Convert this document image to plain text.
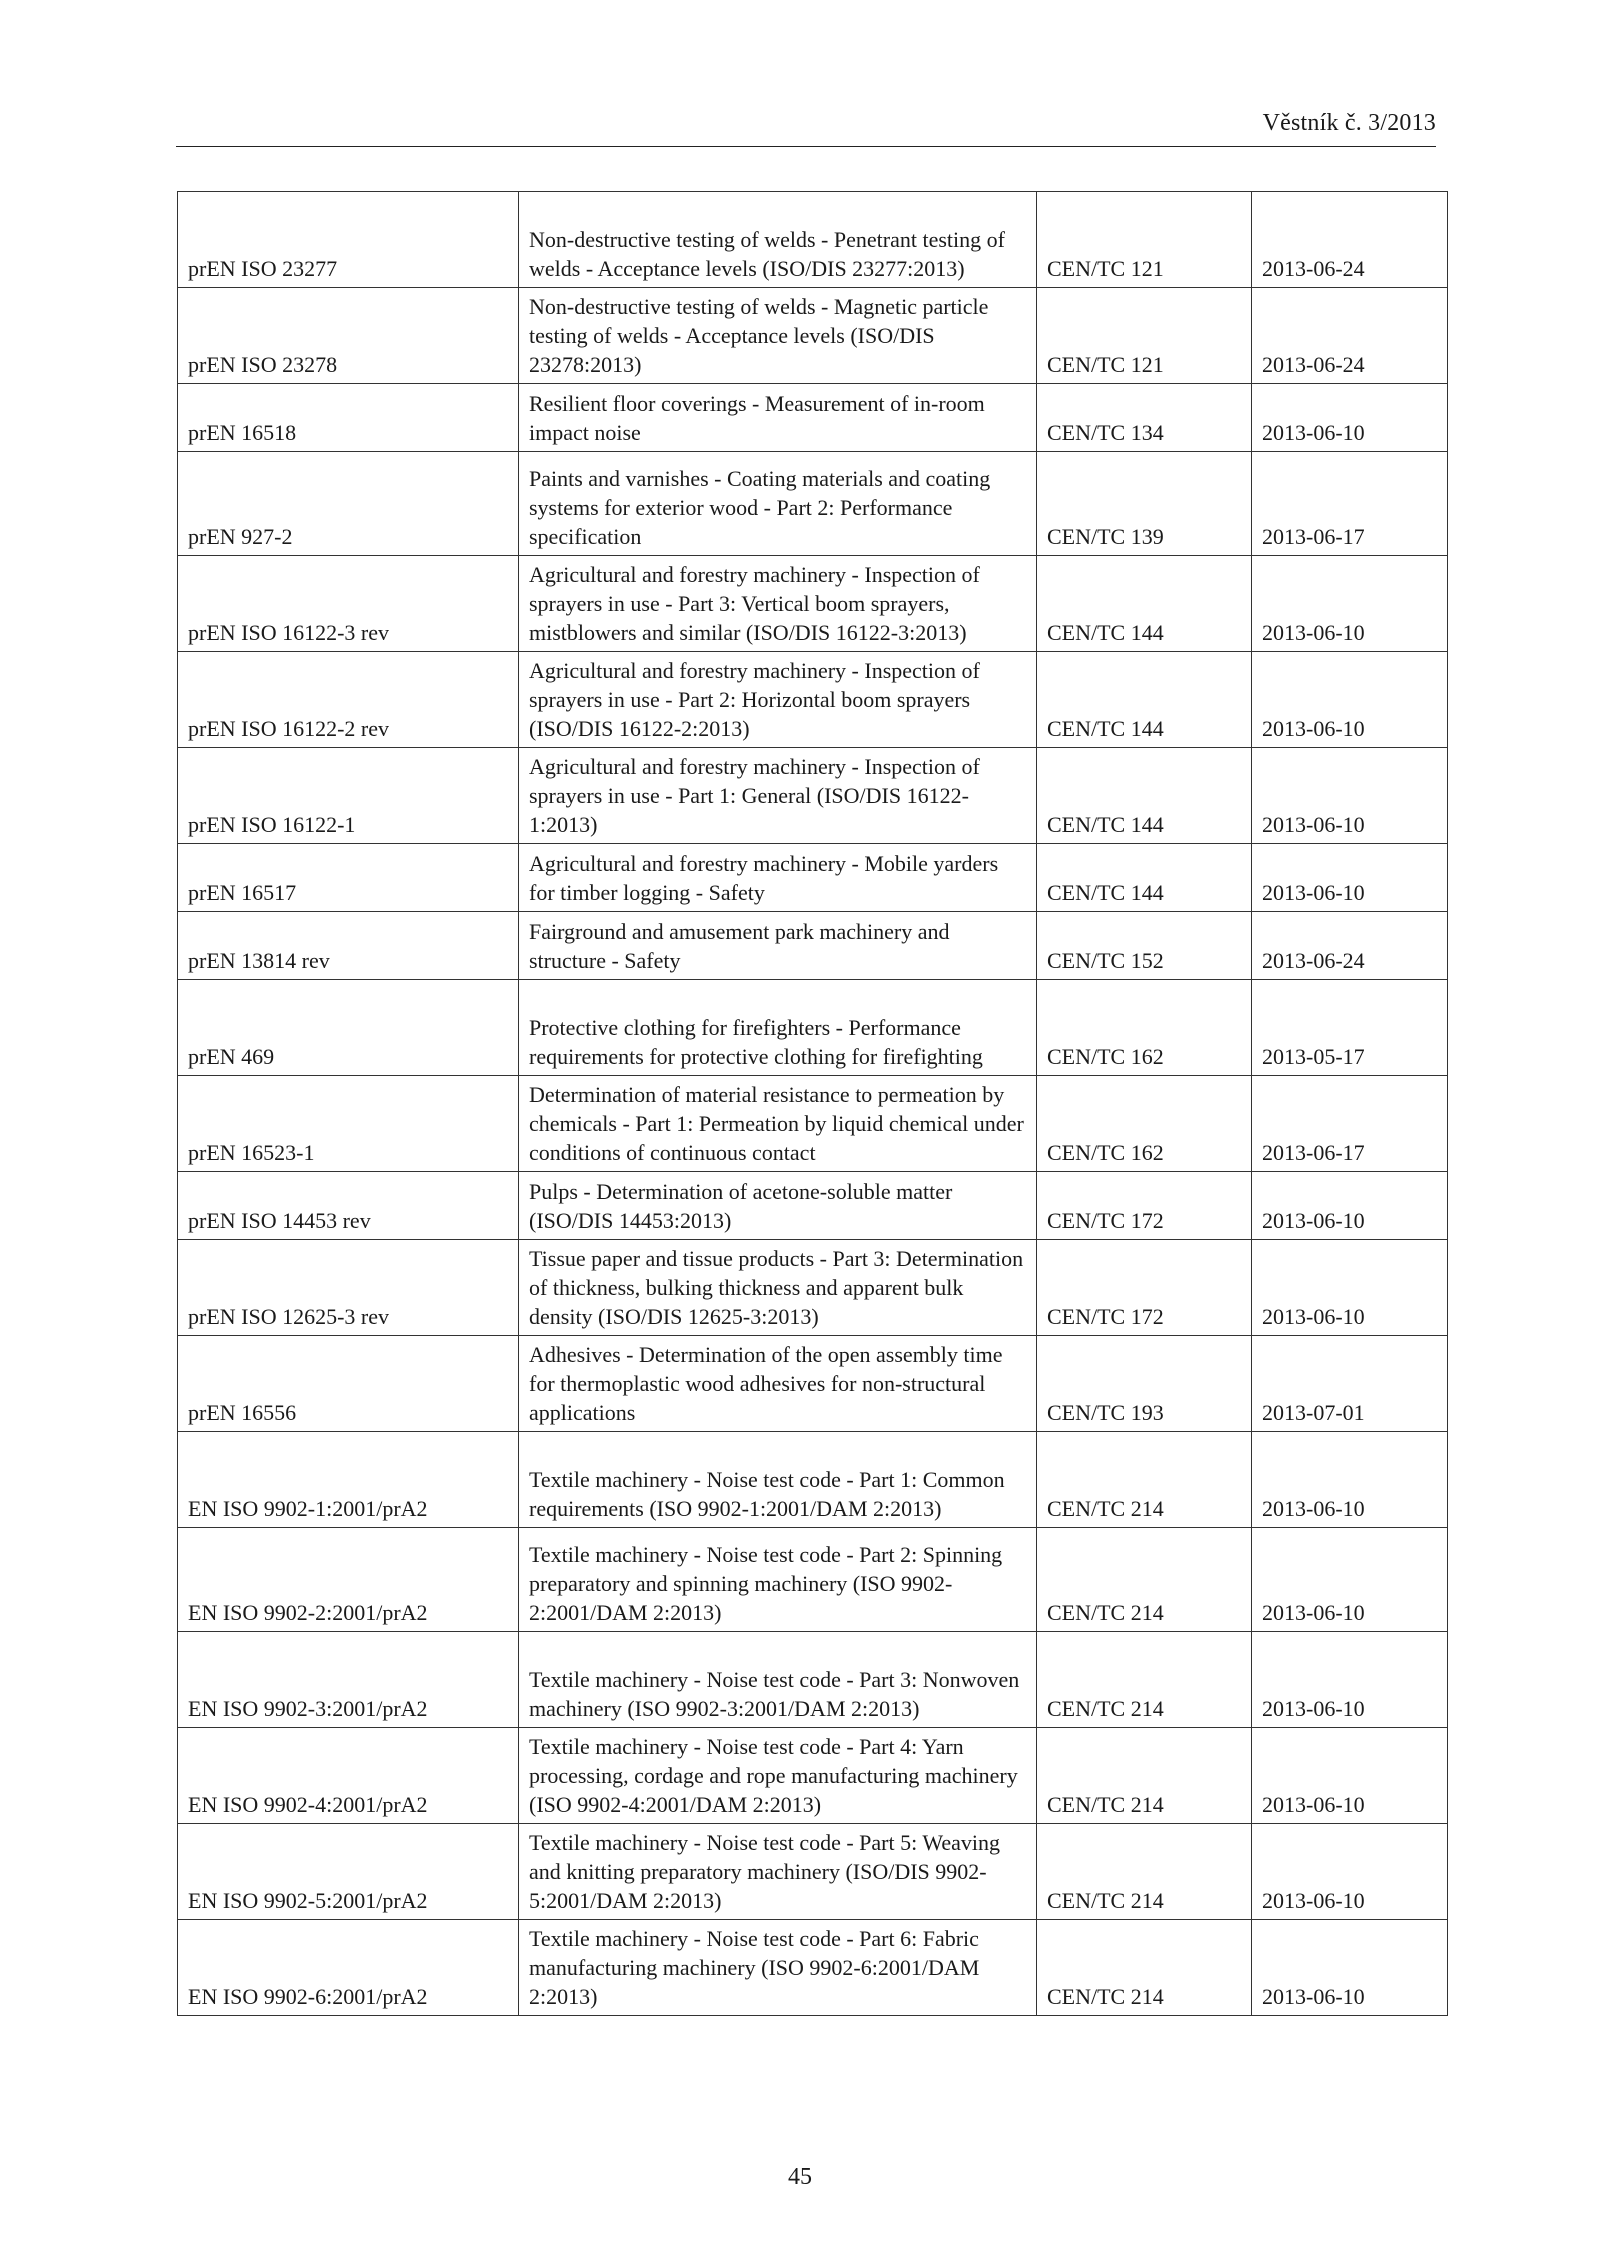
Věstník č. 3/2013
prEN ISO 23277	Non-destructive testing of welds - Penetrant testing of welds - Acceptance levels (ISO/DIS 23277:2013)	CEN/TC 121	2013-06-24
prEN ISO 23278	Non-destructive testing of welds - Magnetic particle testing of welds - Acceptance levels (ISO/DIS 23278:2013)	CEN/TC 121	2013-06-24
prEN 16518	Resilient floor coverings - Measurement of in-room impact noise	CEN/TC 134	2013-06-10
prEN 927-2	Paints and varnishes - Coating materials and coating systems for exterior wood - Part 2: Performance specification	CEN/TC 139	2013-06-17
prEN ISO 16122-3 rev	Agricultural and forestry machinery - Inspection of sprayers in use - Part 3: Vertical boom sprayers, mistblowers and similar (ISO/DIS 16122-3:2013)	CEN/TC 144	2013-06-10
prEN ISO 16122-2 rev	Agricultural and forestry machinery - Inspection of sprayers in use - Part 2: Horizontal boom sprayers (ISO/DIS 16122-2:2013)	CEN/TC 144	2013-06-10
prEN ISO 16122-1	Agricultural and forestry machinery - Inspection of sprayers in use - Part 1: General (ISO/DIS 16122-1:2013)	CEN/TC 144	2013-06-10
prEN 16517	Agricultural and forestry machinery - Mobile yarders for timber logging - Safety	CEN/TC 144	2013-06-10
prEN 13814 rev	Fairground and amusement park machinery and structure - Safety	CEN/TC 152	2013-06-24
prEN 469	Protective clothing for firefighters - Performance requirements for protective clothing for firefighting	CEN/TC 162	2013-05-17
prEN 16523-1	Determination of material resistance to permeation by chemicals - Part 1: Permeation by liquid chemical under conditions of continuous contact	CEN/TC 162	2013-06-17
prEN ISO 14453 rev	Pulps - Determination of acetone-soluble matter (ISO/DIS 14453:2013)	CEN/TC 172	2013-06-10
prEN ISO 12625-3 rev	Tissue paper and tissue products - Part 3: Determination of thickness, bulking thickness and apparent bulk density (ISO/DIS 12625-3:2013)	CEN/TC 172	2013-06-10
prEN 16556	Adhesives - Determination of the open assembly time for thermoplastic wood adhesives for non-structural applications	CEN/TC 193	2013-07-01
EN ISO 9902-1:2001/prA2	Textile machinery - Noise test code - Part 1: Common requirements (ISO 9902-1:2001/DAM 2:2013)	CEN/TC 214	2013-06-10
EN ISO 9902-2:2001/prA2	Textile machinery - Noise test code - Part 2: Spinning preparatory and spinning machinery (ISO 9902-2:2001/DAM 2:2013)	CEN/TC 214	2013-06-10
EN ISO 9902-3:2001/prA2	Textile machinery - Noise test code - Part 3: Nonwoven machinery (ISO 9902-3:2001/DAM 2:2013)	CEN/TC 214	2013-06-10
EN ISO 9902-4:2001/prA2	Textile machinery - Noise test code - Part 4: Yarn processing, cordage and rope manufacturing machinery (ISO 9902-4:2001/DAM 2:2013)	CEN/TC 214	2013-06-10
EN ISO 9902-5:2001/prA2	Textile machinery - Noise test code - Part 5: Weaving and knitting preparatory machinery (ISO/DIS 9902-5:2001/DAM 2:2013)	CEN/TC 214	2013-06-10
EN ISO 9902-6:2001/prA2	Textile machinery - Noise test code - Part 6: Fabric manufacturing machinery (ISO 9902-6:2001/DAM 2:2013)	CEN/TC 214	2013-06-10
45
